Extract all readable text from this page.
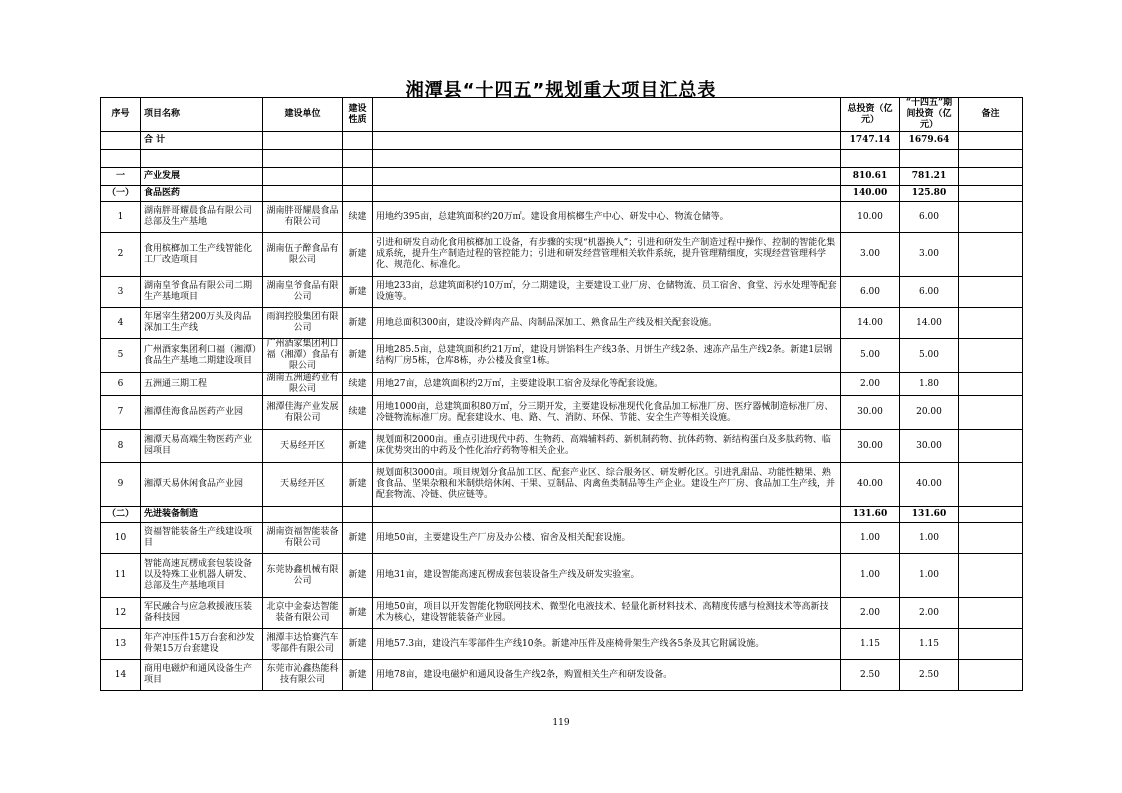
湘潭县“十四五”规划重大项目汇总表
序号	项目名称	建设单位	建设性质		总投资（亿元）	“十四五”期间投资（亿元）	备注
	合 计				1747.14	1679.64	

一	产业发展				810.61	781.21	
（一）	食品医药				140.00	125.80	
1	湖南胖哥耀晨食品有限公司总部及生产基地	湖南胖哥耀晨食品有限公司	续建	用地约395亩，总建筑面积约20万㎡。建设食用槟榔生产中心、研发中心、物流仓储等。	10.00	6.00	
2	食用槟榔加工生产线智能化工厂改造项目	湖南伍子醉食品有限公司	新建	引进和研发自动化食用槟榔加工设备，有步骤的实现“机器换人”；引进和研发生产制造过程中操作、控制的智能化集成系统，提升生产制造过程的管控能力；引进和研发经营管理相关软件系统，提升管理精细度，实现经营管理科学化、规范化、标准化。	3.00	3.00	
3	湖南皇爷食品有限公司二期生产基地项目	湖南皇爷食品有限公司	新建	用地233亩，总建筑面积约10万㎡，分二期建设，主要建设工业厂房、仓储物流、员工宿舍、食堂、污水处理等配套设施等。	6.00	6.00	
4	年屠宰生猪200万头及肉品深加工生产线	雨润控股集团有限公司	新建	用地总面积300亩，建设冷鲜肉产品、肉制品深加工、熟食品生产线及相关配套设施。	14.00	14.00	
5	广州酒家集团利口福（湘潭）食品生产基地二期建设项目	广州酒家集团利口福（湘潭）食品有限公司	新建	用地285.5亩，总建筑面积约21万㎡，建设月饼馅料生产线3条、月饼生产线2条、速冻产品生产线2条。新建1层钢结构厂房5栋，仓库8栋，办公楼及食堂1栋。	5.00	5.00	
6	五洲通三期工程	湖南五洲通药业有限公司	续建	用地27亩，总建筑面积约2万㎡，主要建设职工宿舍及绿化等配套设施。	2.00	1.80	
7	湘潭佳海食品医药产业园	湘潭佳海产业发展有限公司	续建	用地1000亩，总建筑面积80万㎡，分三期开发，主要建设标准现代化食品加工标准厂房、医疗器械制造标准厂房、冷链物流标准厂房。配套建设水、电、路、气、消防、环保、节能、安全生产等相关设施。	30.00	20.00	
8	湘潭天易高端生物医药产业园项目	天易经开区	新建	规划面积2000亩。重点引进现代中药、生物药、高端辅料药、新机制药物、抗体药物、新结构蛋白及多肽药物、临床优势突出的中药及个性化治疗药物等相关企业。	30.00	30.00	
9	湘潭天易休闲食品产业园	天易经开区	新建	规划面积3000亩。项目规划分食品加工区、配套产业区、综合服务区、研发孵化区。引进乳甜品、功能性糖果、熟食食品、坚果杂粮和米制烘焙休闲、干果、豆制品、肉禽鱼类制品等生产企业。建设生产厂房、食品加工生产线，并配套物流、冷链、供应链等。	40.00	40.00	
（二）	先进装备制造				131.60	131.60	
10	资福智能装备生产线建设项目	湖南资福智能装备有限公司	新建	用地50亩，主要建设生产厂房及办公楼、宿舍及相关配套设施。	1.00	1.00	
11	智能高速瓦楞成套包装设备以及特殊工业机器人研发、总部及生产基地项目	东莞协鑫机械有限公司	新建	用地31亩，建设智能高速瓦楞成套包装设备生产线及研发实验室。	1.00	1.00	
12	军民融合与应急救援液压装备科技园	北京中金泰达智能装备有限公司	新建	用地50亩，项目以开发智能化物联网技术、微型化电液技术、轻量化新材料技术、高精度传感与检测技术等高新技术为核心，建设智能装备产业园。	2.00	2.00	
13	年产冲压件15万台套和沙发骨架15万台套建设	湘潭丰达恰赛汽车零部件有限公司	新建	用地57.3亩，建设汽车零部件生产线10条。新建冲压件及座椅骨架生产线各5条及其它附属设施。	1.15	1.15	
14	商用电磁炉和通风设备生产项目	东莞市沁鑫热能科技有限公司	新建	用地78亩，建设电磁炉和通风设备生产线2条，购置相关生产和研发设备。	2.50	2.50	
119
